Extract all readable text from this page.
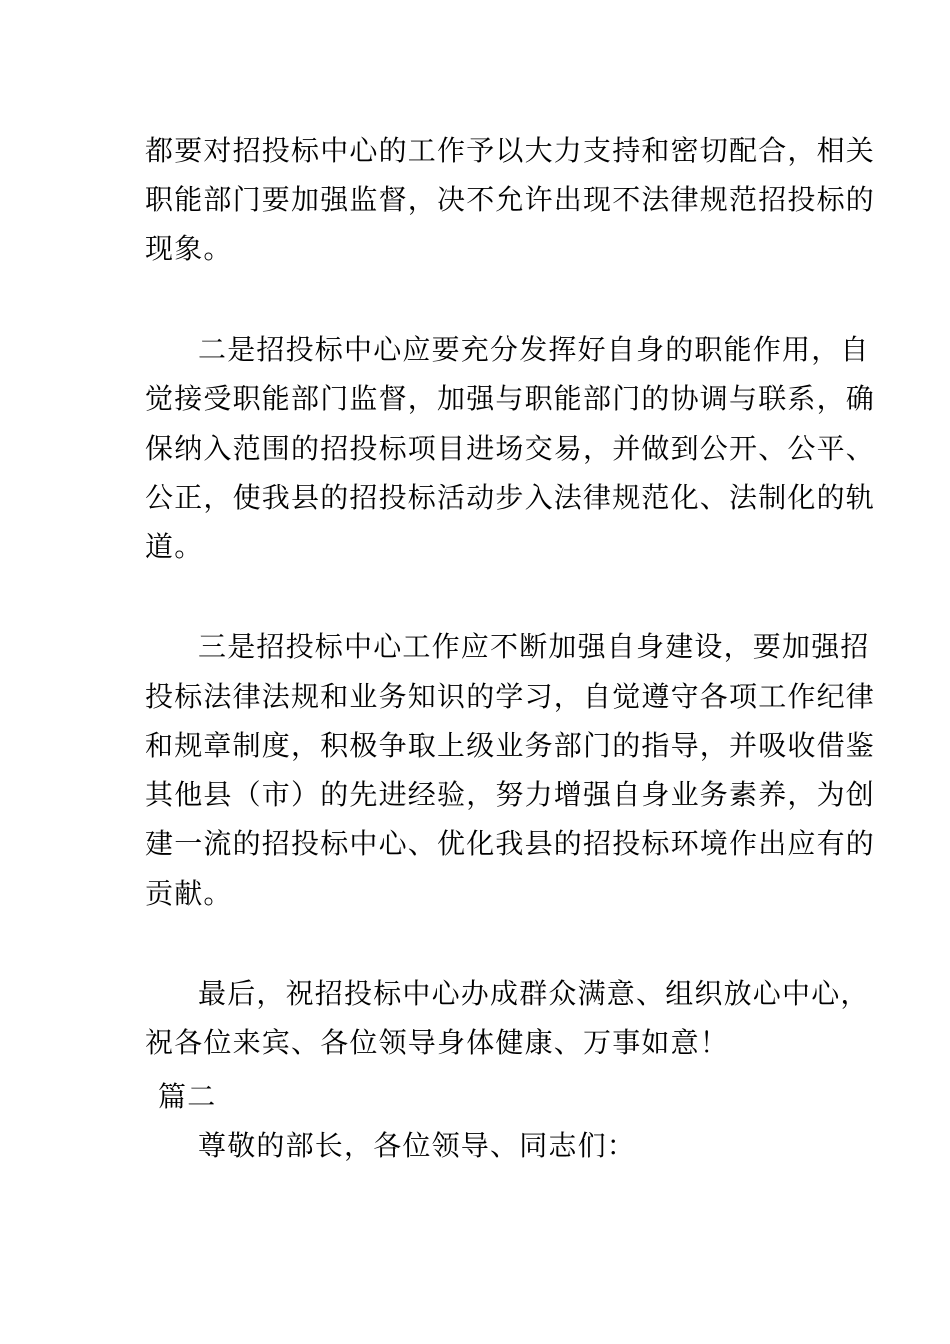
都要对招投标中心的工作予以大力支持和密切配合，相关
职能部门要加强监督，决不允许出现不法律规范招投标的
现象。
二是招投标中心应要充分发挥好自身的职能作用，自
觉接受职能部门监督，加强与职能部门的协调与联系，确
保纳入范围的招投标项目进场交易，并做到公开、公平、
公正，使我县的招投标活动步入法律规范化、法制化的轨
道。
三是招投标中心工作应不断加强自身建设，要加强招
投标法律法规和业务知识的学习，自觉遵守各项工作纪律
和规章制度，积极争取上级业务部门的指导，并吸收借鉴
其他县（市）的先进经验，努力增强自身业务素养，为创
建一流的招投标中心、优化我县的招投标环境作出应有的
贡献。
最后，祝招投标中心办成群众满意、组织放心中心，
祝各位来宾、各位领导身体健康、万事如意！
篇二
尊敬的部长，各位领导、同志们：
